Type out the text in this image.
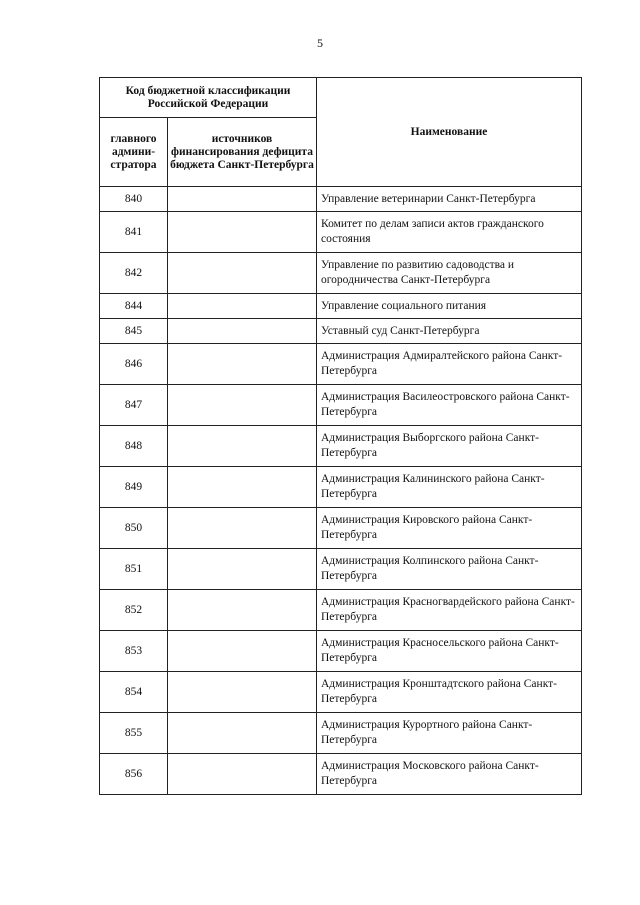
5
Код бюджетной классификации Российской Федерации		Наименование
главного админи-стратора	источников финансирования дефицита бюджета Санкт-Петербурга	
840		Управление ветеринарии Санкт-Петербурга
841		Комитет по делам записи актов гражданского состояния
842		Управление по развитию садоводства и огородничества Санкт-Петербурга
844		Управление социального питания
845		Уставный суд Санкт-Петербурга
846		Администрация Адмиралтейского района Санкт-Петербурга
847		Администрация Василеостровского района Санкт-Петербурга
848		Администрация Выборгского района Санкт-Петербурга
849		Администрация Калининского района Санкт-Петербурга
850		Администрация Кировского района Санкт-Петербурга
851		Администрация Колпинского района Санкт-Петербурга
852		Администрация Красногвардейского района Санкт-Петербурга
853		Администрация Красносельского района Санкт-Петербурга
854		Администрация Кронштадтского района Санкт-Петербурга
855		Администрация Курортного района Санкт-Петербурга
856		Администрация Московского района Санкт-Петербурга
